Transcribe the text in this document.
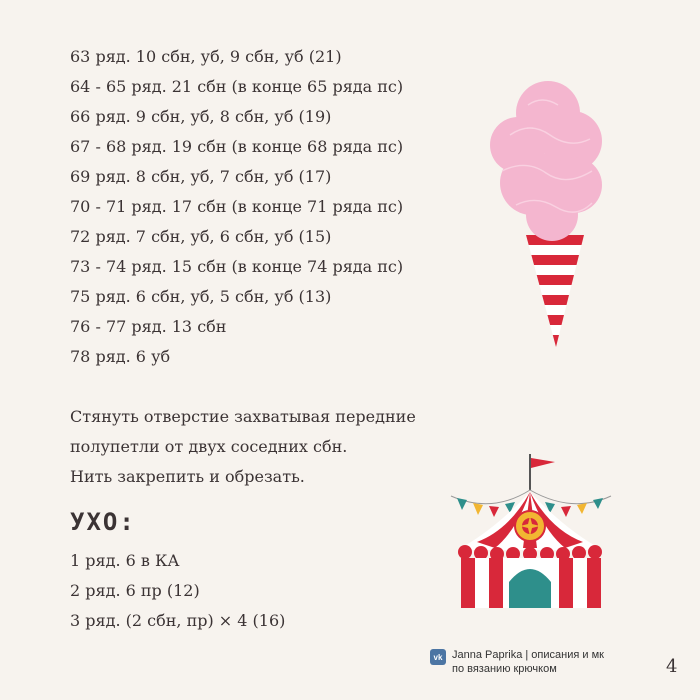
63 ряд. 10 сбн, уб, 9 сбн, уб (21)
64 - 65 ряд. 21 сбн (в конце 65 ряда пс)
66 ряд. 9 сбн, уб, 8 сбн, уб (19)
67 - 68 ряд. 19 сбн (в конце 68 ряда пс)
69 ряд. 8 сбн, уб, 7 сбн, уб (17)
70 - 71 ряд. 17 сбн (в конце 71 ряда пс)
72 ряд. 7 сбн, уб, 6 сбн, уб (15)
73 - 74 ряд. 15 сбн (в конце 74 ряда пс)
75 ряд. 6 сбн, уб, 5 сбн, уб (13)
76 - 77 ряд. 13 сбн
78 ряд. 6 уб

Стянуть отверстие захватывая передние полупетли от двух соседних сбн.

Нить закрепить и обрезать.

УХО:
1 ряд. 6 в КА
2 ряд. 6 пр (12)
3 ряд. (2 сбн, пр) × 4 (16)
vk Janna Paprika | описания и мк
по вязанию крючком	4
